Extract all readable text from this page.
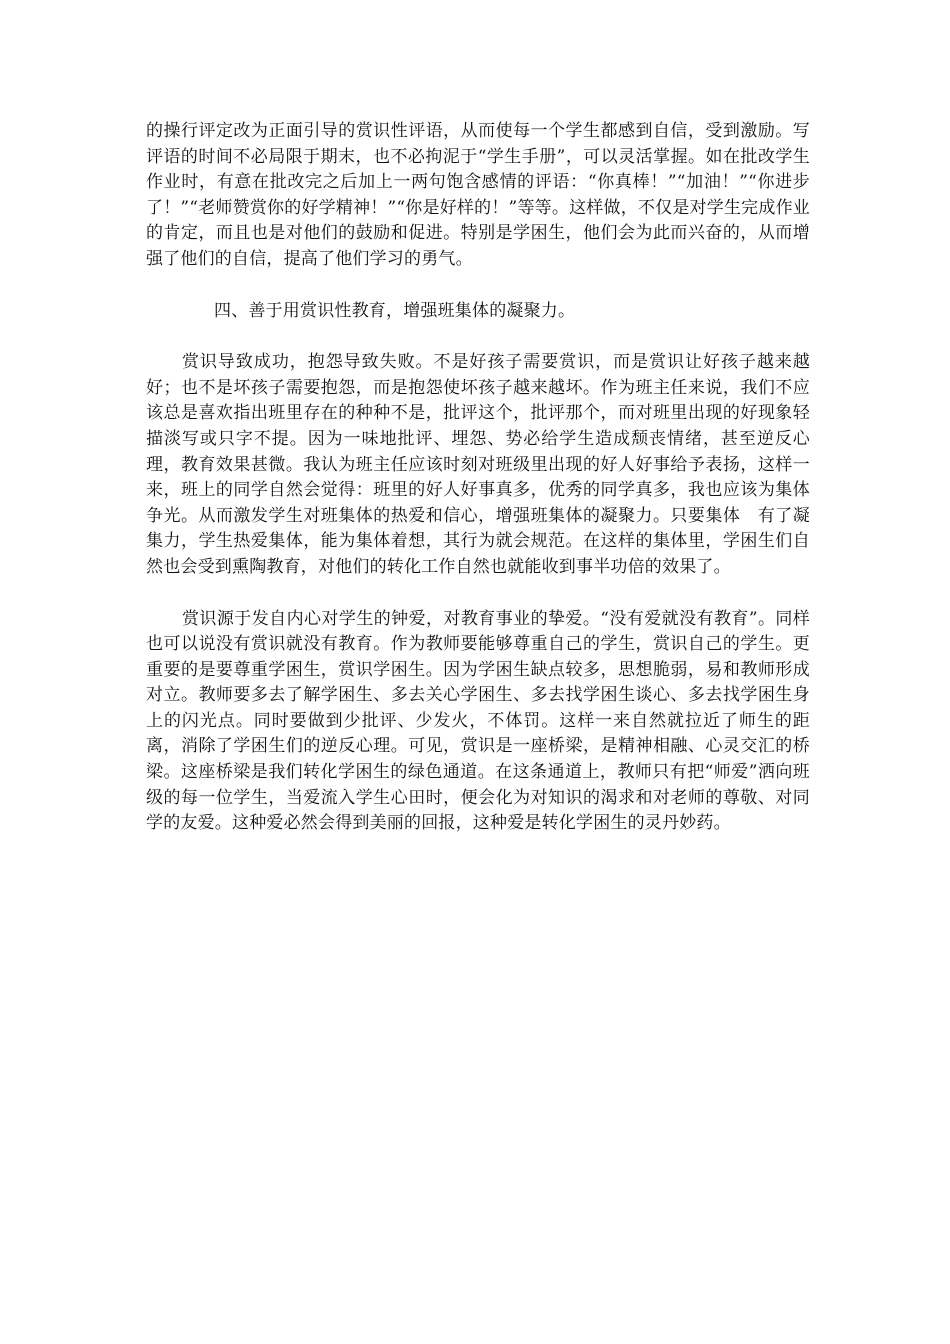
的操行评定改为正面引导的赏识性评语，从而使每一个学生都感到自信，受到激励。写评语的时间不必局限于期末，也不必拘泥于“学生手册”，可以灵活掌握。如在批改学生作业时，有意在批改完之后加上一两句饱含感情的评语：“你真棒！”“加油！”“你进步了！”“老师赞赏你的好学精神！”“你是好样的！”等等。这样做，不仅是对学生完成作业的肯定，而且也是对他们的鼓励和促进。特别是学困生，他们会为此而兴奋的，从而增强了他们的自信，提高了他们学习的勇气。

四、善于用赏识性教育，增强班集体的凝聚力。

赏识导致成功，抱怨导致失败。不是好孩子需要赏识，而是赏识让好孩子越来越好；也不是坏孩子需要抱怨，而是抱怨使坏孩子越来越坏。作为班主任来说，我们不应该总是喜欢指出班里存在的种种不是，批评这个，批评那个，而对班里出现的好现象轻描淡写或只字不提。因为一味地批评、埋怨、势必给学生造成颓丧情绪，甚至逆反心理，教育效果甚微。我认为班主任应该时刻对班级里出现的好人好事给予表扬，这样一来，班上的同学自然会觉得：班里的好人好事真多，优秀的同学真多，我也应该为集体争光。从而激发学生对班集体的热爱和信心，增强班集体的凝聚力。只要集体　有了凝集力，学生热爱集体，能为集体着想，其行为就会规范。在这样的集体里，学困生们自然也会受到熏陶教育，对他们的转化工作自然也就能收到事半功倍的效果了。

赏识源于发自内心对学生的钟爱，对教育事业的挚爱。“没有爱就没有教育”。同样也可以说没有赏识就没有教育。作为教师要能够尊重自己的学生，赏识自己的学生。更重要的是要尊重学困生，赏识学困生。因为学困生缺点较多，思想脆弱，易和教师形成对立。教师要多去了解学困生、多去关心学困生、多去找学困生谈心、多去找学困生身上的闪光点。同时要做到少批评、少发火，不体罚。这样一来自然就拉近了师生的距离，消除了学困生们的逆反心理。可见，赏识是一座桥梁，是精神相融、心灵交汇的桥梁。这座桥梁是我们转化学困生的绿色通道。在这条通道上，教师只有把“师爱”洒向班级的每一位学生，当爱流入学生心田时，便会化为对知识的渴求和对老师的尊敬、对同学的友爱。这种爱必然会得到美丽的回报，这种爱是转化学困生的灵丹妙药。
